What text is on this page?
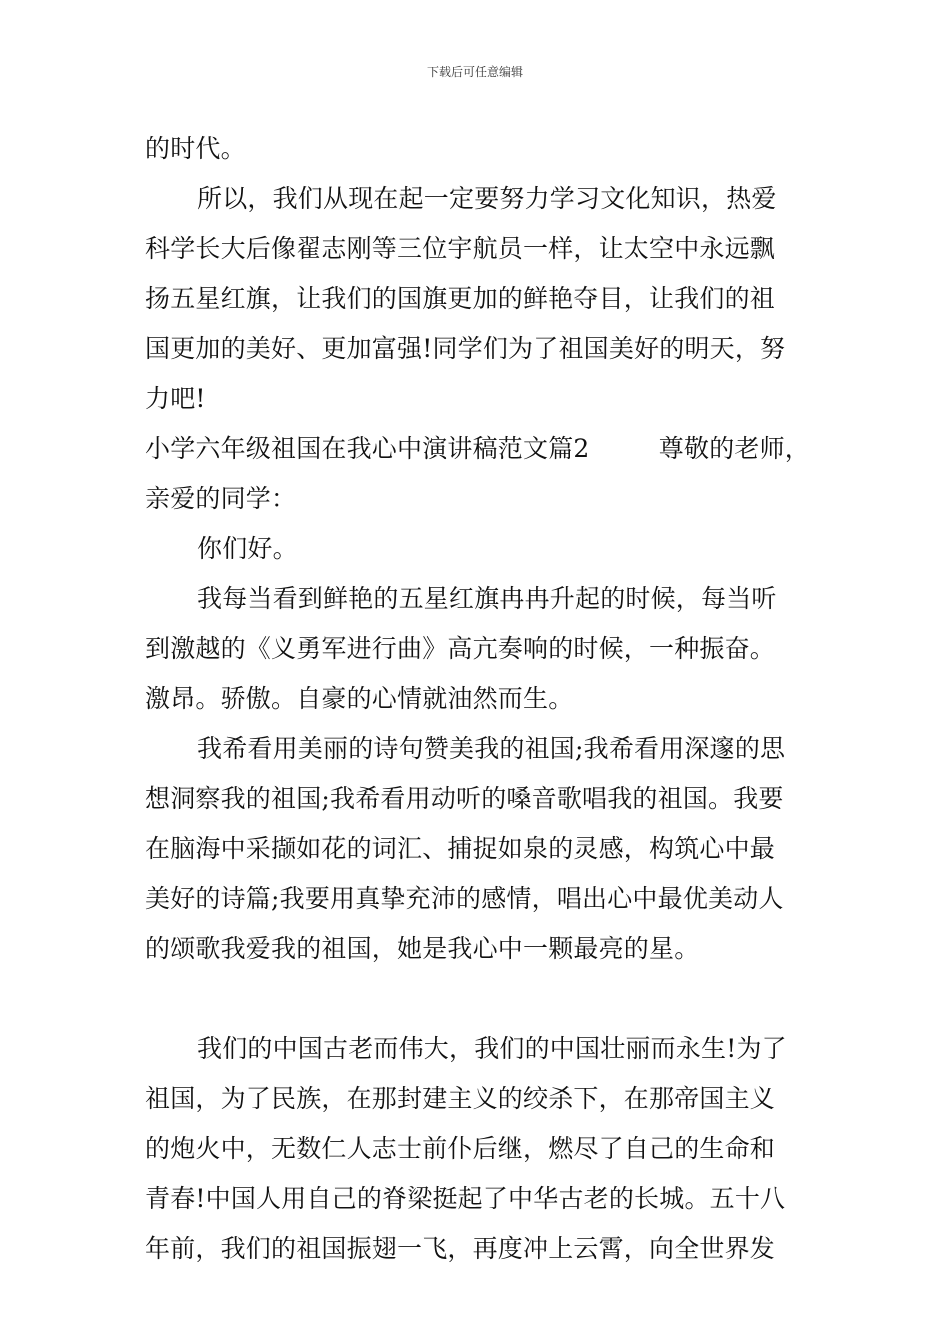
下载后可任意编辑
的时代。
所以，我们从现在起一定要努力学习文化知识，热爱
科学长大后像翟志刚等三位宇航员一样，让太空中永远飘
扬五星红旗，让我们的国旗更加的鲜艳夺目，让我们的祖
国更加的美好、更加富强!同学们为了祖国美好的明天，努
力吧!
小学六年级祖国在我心中演讲稿范文篇2	尊敬的老师，
亲爱的同学：
你们好。
我每当看到鲜艳的五星红旗冉冉升起的时候，每当听
到激越的《义勇军进行曲》高亢奏响的时候，一种振奋。
激昂。骄傲。自豪的心情就油然而生。
我希看用美丽的诗句赞美我的祖国;我希看用深邃的思
想洞察我的祖国;我希看用动听的嗓音歌唱我的祖国。我要
在脑海中采撷如花的词汇、捕捉如泉的灵感，构筑心中最
美好的诗篇;我要用真挚充沛的感情，唱出心中最优美动人
的颂歌我爱我的祖国，她是我心中一颗最亮的星。
我们的中国古老而伟大，我们的中国壮丽而永生!为了
祖国，为了民族，在那封建主义的绞杀下，在那帝国主义
的炮火中，无数仁人志士前仆后继，燃尽了自己的生命和
青春!中国人用自己的脊梁挺起了中华古老的长城。五十八
年前，我们的祖国振翅一飞，再度冲上云霄，向全世界发
